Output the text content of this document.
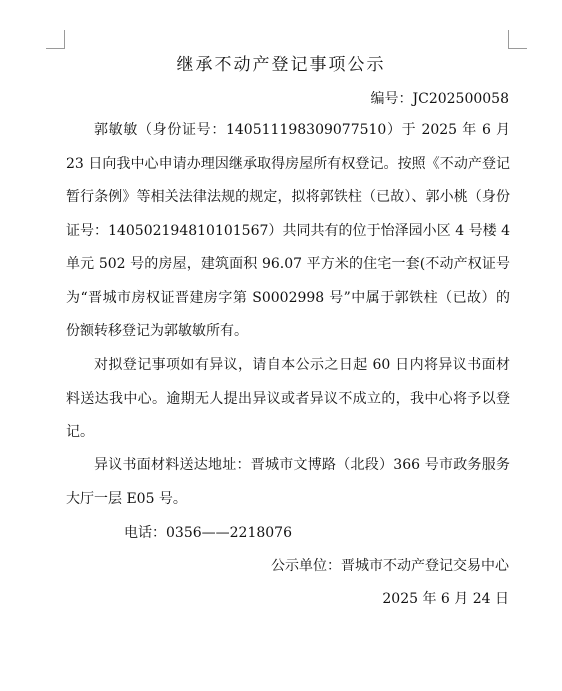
继承不动产登记事项公示
编号：JC202500058

郭敏敏（身份证号：140511198309077510）于 2025 年 6 月 23 日向我中心申请办理因继承取得房屋所有权登记。按照《不动产登记暂行条例》等相关法律法规的规定，拟将郭铁柱（已故）、郭小桃（身份证号：140502194810101567）共同共有的位于怡泽园小区 4 号楼 4 单元 502 号的房屋，建筑面积 96.07 平方米的住宅一套(不动产权证号为“晋城市房权证晋建房字第 S0002998 号”中属于郭铁柱（已故）的份额转移登记为郭敏敏所有。

对拟登记事项如有异议，请自本公示之日起 60 日内将异议书面材料送达我中心。逾期无人提出异议或者异议不成立的，我中心将予以登记。

异议书面材料送达地址：晋城市文博路（北段）366 号市政务服务大厅一层 E05 号。

电话：0356——2218076
公示单位：晋城市不动产登记交易中心
2025 年 6 月 24 日
